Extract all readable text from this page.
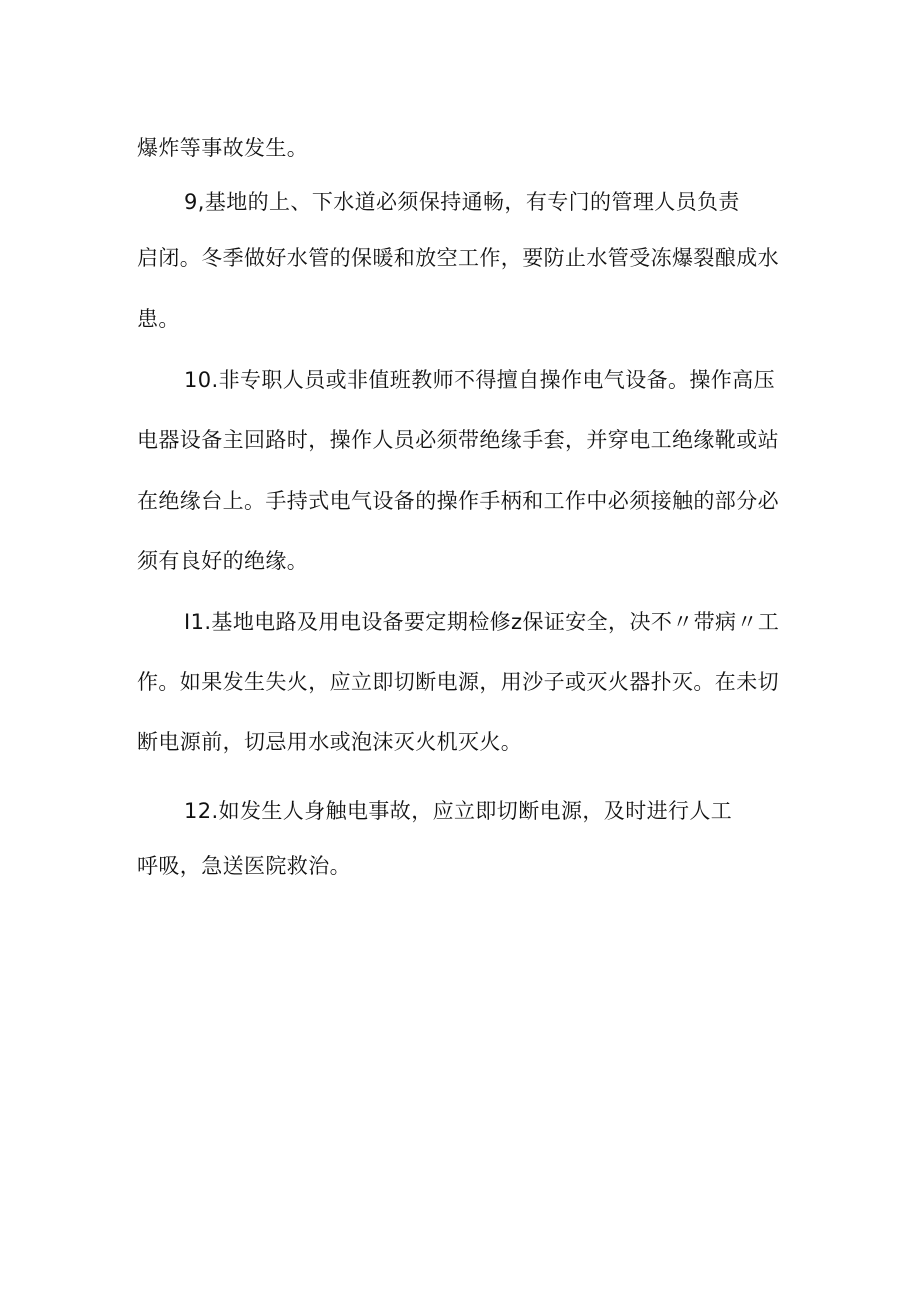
爆炸等事故发生。
9,基地的上、下水道必须保持通畅，有专门的管理人员负责
启闭。冬季做好水管的保暖和放空工作，要防止水管受冻爆裂酿成水
患。
10.非专职人员或非值班教师不得擅自操作电气设备。操作高压
电器设备主回路时，操作人员必须带绝缘手套，并穿电工绝缘靴或站
在绝缘台上。手持式电气设备的操作手柄和工作中必须接触的部分必
须有良好的绝缘。
I1.基地电路及用电设备要定期检修z保证安全，决不〃带病〃工
作。如果发生失火，应立即切断电源，用沙子或灭火器扑灭。在未切
断电源前，切忌用水或泡沫灭火机灭火。
12.如发生人身触电事故，应立即切断电源，及时进行人工
呼吸，急送医院救治。
